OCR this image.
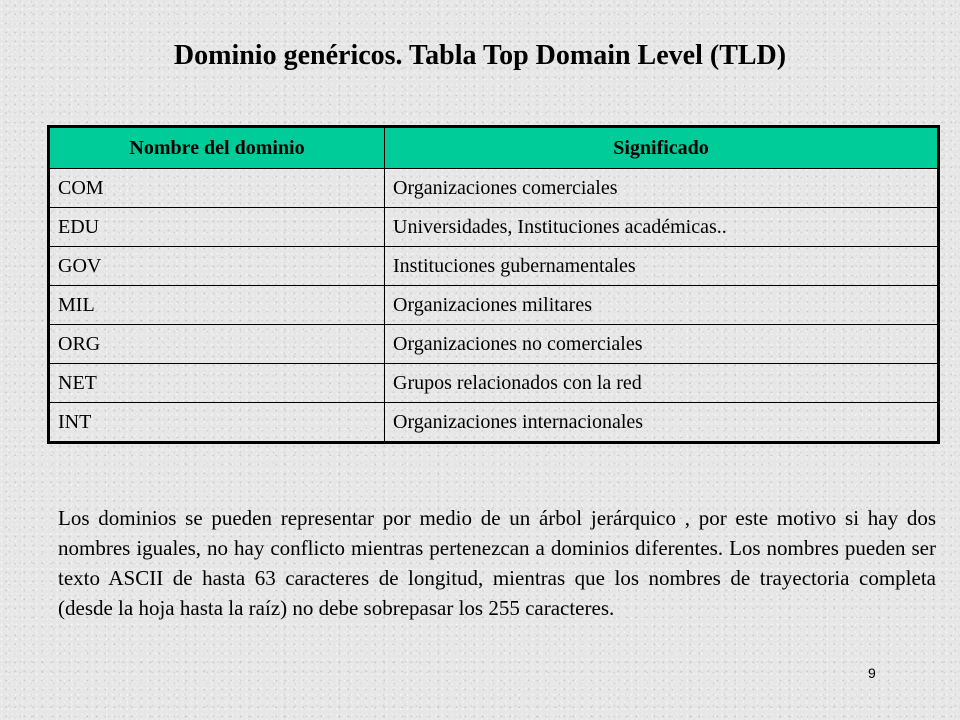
Dominio genéricos. Tabla Top Domain Level (TLD)
Nombre del dominio	Significado
COM	Organizaciones comerciales
EDU	Universidades, Instituciones académicas..
GOV	Instituciones gubernamentales
MIL	Organizaciones militares
ORG	Organizaciones no comerciales
NET	Grupos relacionados con la red
INT	Organizaciones internacionales

Los dominios se pueden representar por medio de un árbol jerárquico , por este motivo si hay dos nombres iguales, no hay conflicto mientras pertenezcan a dominios diferentes. Los nombres pueden ser texto ASCII de hasta 63 caracteres de longitud, mientras que los nombres de trayectoria completa (desde la hoja hasta la raíz) no debe sobrepasar los 255 caracteres.

9
